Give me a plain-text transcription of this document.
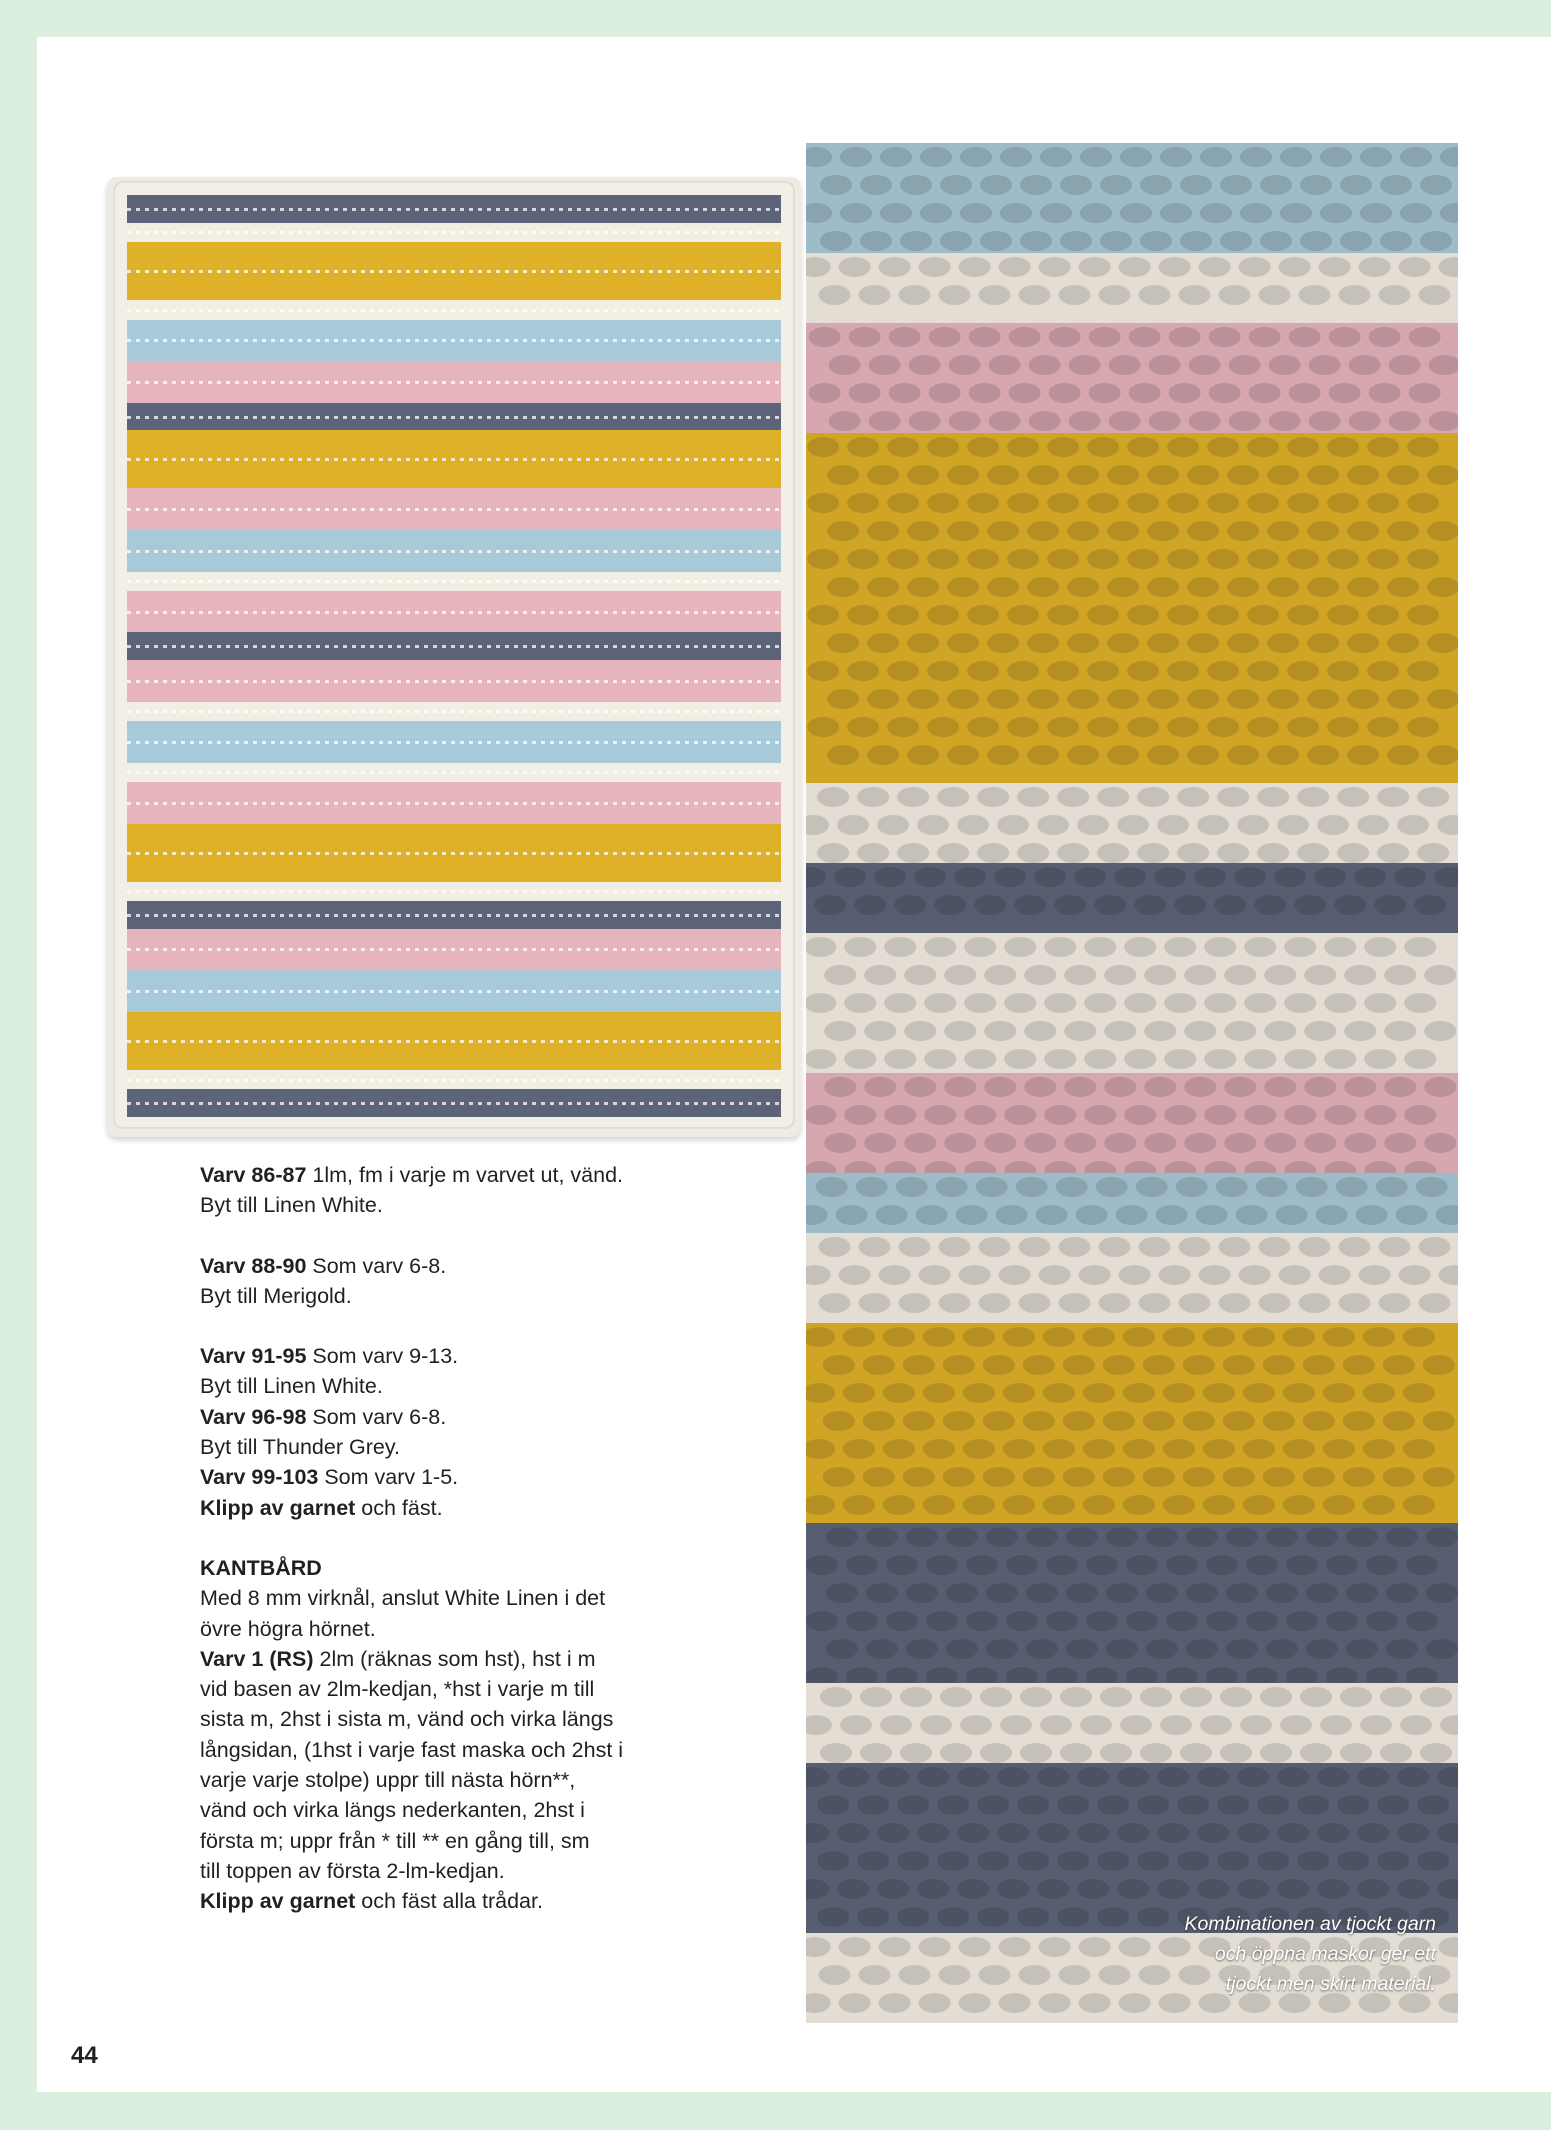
Varv 86-87 1lm, fm i varje m varvet ut, vänd.

Byt till Linen White.

Varv 88-90 Som varv 6-8.

Byt till Merigold.

Varv 91-95 Som varv 9-13.

Byt till Linen White.

Varv 96-98 Som varv 6-8.

Byt till Thunder Grey.

Varv 99-103 Som varv 1-5.

Klipp av garnet och fäst.

KANTBÅRD

Med 8 mm virknål, anslut White Linen i det

övre högra hörnet.

Varv 1 (RS) 2lm (räknas som hst), hst i m

vid basen av 2lm-kedjan, *hst i varje m till

sista m, 2hst i sista m, vänd och virka längs

långsidan, (1hst i varje fast maska och 2hst i

varje varje stolpe) uppr till nästa hörn**,

vänd och virka längs nederkanten, 2hst i

första m; uppr från * till ** en gång till, sm

till toppen av första 2-lm-kedjan.

Klipp av garnet och fäst alla trådar.

Kombinationen av tjockt garn
och öppna maskor ger ett
tjockt men skirt material.
44
